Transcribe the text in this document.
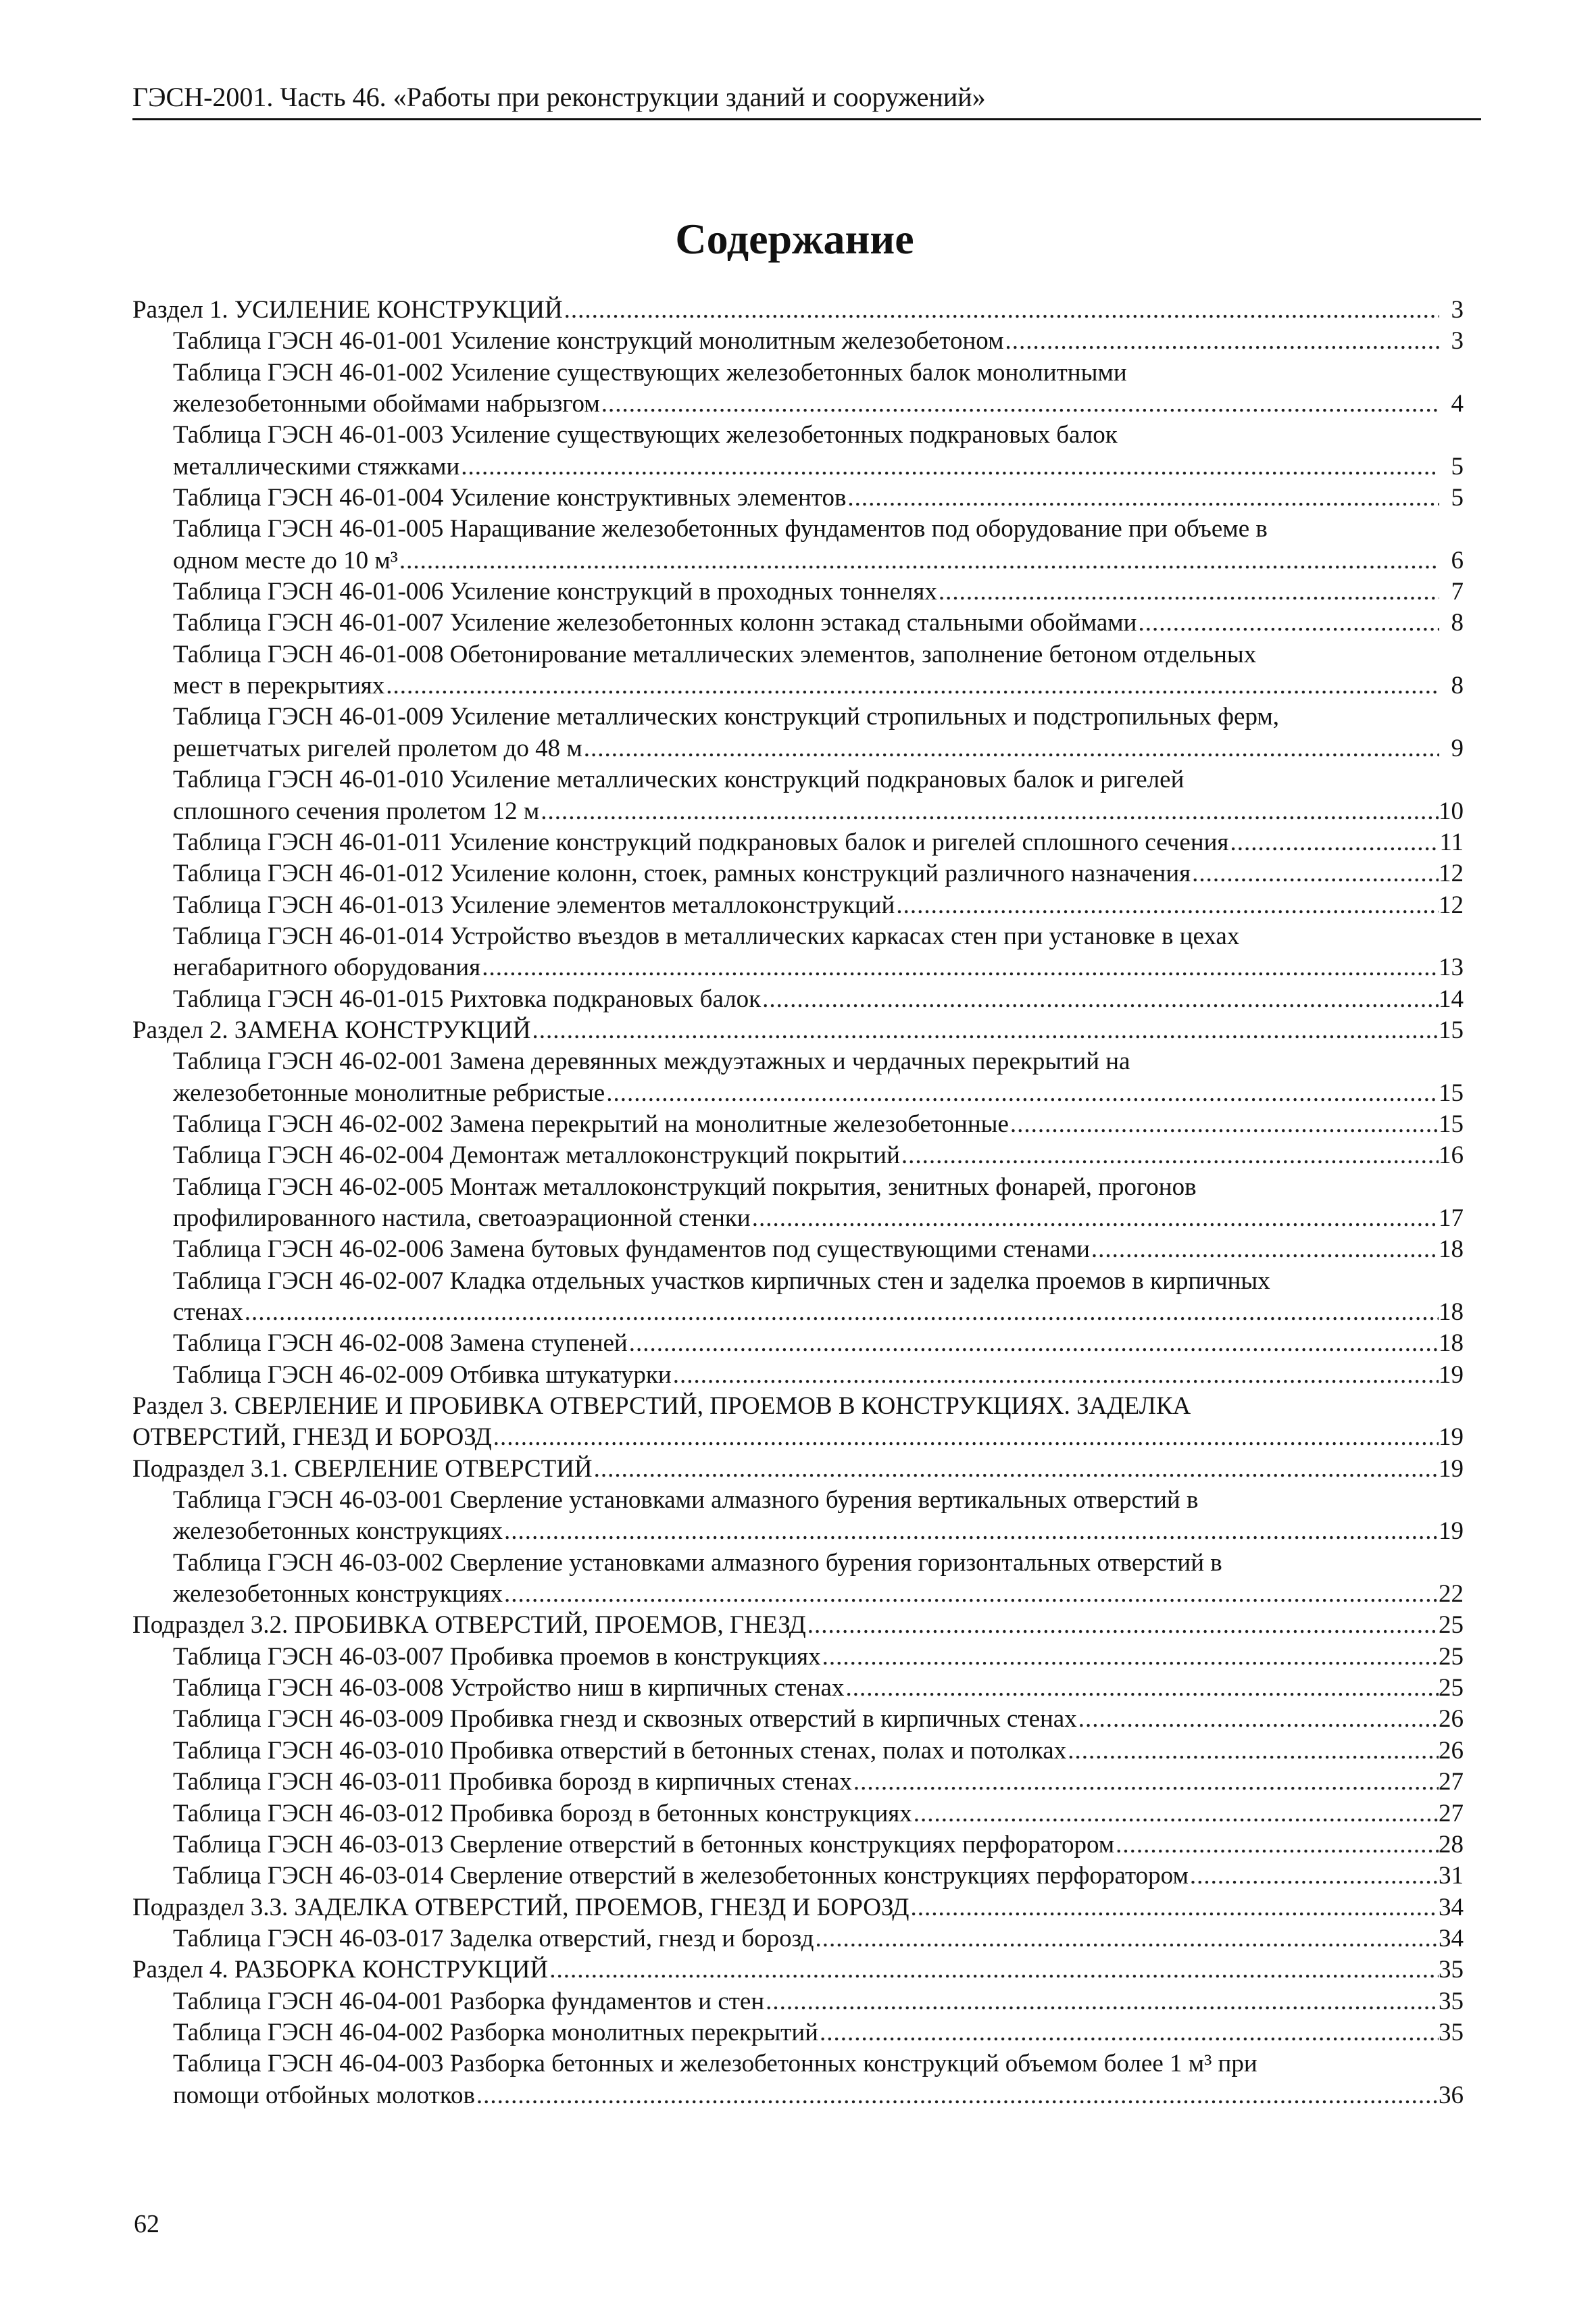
ГЭСН-2001. Часть 46. «Работы при реконструкции зданий и сооружений»
Содержание
Раздел 1. УСИЛЕНИЕ КОНСТРУКЦИЙ .....	3
Таблица ГЭСН 46-01-001 Усиление конструкций монолитным железобетоном .....	3
Таблица ГЭСН 46-01-002 Усиление существующих железобетонных балок монолитными
железобетонными обоймами набрызгом .....	4
Таблица ГЭСН 46-01-003 Усиление существующих железобетонных подкрановых балок
металлическими стяжками .....	5
Таблица ГЭСН 46-01-004 Усиление конструктивных элементов .....	5
Таблица ГЭСН 46-01-005 Наращивание железобетонных фундаментов под оборудование при объеме в
одном месте до 10 м³ .....	6
Таблица ГЭСН 46-01-006 Усиление конструкций в проходных тоннелях .....	7
Таблица ГЭСН 46-01-007 Усиление железобетонных колонн эстакад стальными обоймами .....	8
Таблица ГЭСН 46-01-008 Обетонирование металлических элементов, заполнение бетоном отдельных
мест в перекрытиях .....	8
Таблица ГЭСН 46-01-009 Усиление металлических конструкций стропильных и подстропильных ферм,
решетчатых ригелей пролетом до 48 м .....	9
Таблица ГЭСН 46-01-010 Усиление металлических конструкций подкрановых балок и ригелей
сплошного сечения пролетом 12 м .....	10
Таблица ГЭСН 46-01-011 Усиление конструкций подкрановых балок и ригелей сплошного сечения .....	11
Таблица ГЭСН 46-01-012 Усиление колонн, стоек, рамных конструкций различного назначения .....	12
Таблица ГЭСН 46-01-013 Усиление элементов металлоконструкций .....	12
Таблица ГЭСН 46-01-014 Устройство въездов в металлических каркасах стен при установке в цехах
негабаритного оборудования .....	13
Таблица ГЭСН 46-01-015 Рихтовка подкрановых балок .....	14
Раздел 2. ЗАМЕНА КОНСТРУКЦИЙ .....	15
Таблица ГЭСН 46-02-001 Замена деревянных междуэтажных и чердачных перекрытий на
железобетонные монолитные ребристые .....	15
Таблица ГЭСН 46-02-002 Замена перекрытий на монолитные железобетонные .....	15
Таблица ГЭСН 46-02-004 Демонтаж металлоконструкций покрытий .....	16
Таблица ГЭСН 46-02-005 Монтаж металлоконструкций покрытия, зенитных фонарей, прогонов
профилированного настила, светоаэрационной стенки .....	17
Таблица ГЭСН 46-02-006 Замена бутовых фундаментов под существующими стенами .....	18
Таблица ГЭСН 46-02-007 Кладка отдельных участков кирпичных стен и заделка проемов в кирпичных
стенах .....	18
Таблица ГЭСН 46-02-008 Замена ступеней .....	18
Таблица ГЭСН 46-02-009 Отбивка штукатурки .....	19
Раздел 3. СВЕРЛЕНИЕ И ПРОБИВКА ОТВЕРСТИЙ, ПРОЕМОВ В КОНСТРУКЦИЯХ. ЗАДЕЛКА
ОТВЕРСТИЙ, ГНЕЗД И БОРОЗД .....	19
Подраздел 3.1. СВЕРЛЕНИЕ ОТВЕРСТИЙ .....	19
Таблица ГЭСН 46-03-001 Сверление установками алмазного бурения вертикальных отверстий в
железобетонных конструкциях .....	19
Таблица ГЭСН 46-03-002 Сверление установками алмазного бурения горизонтальных отверстий в
железобетонных конструкциях .....	22
Подраздел 3.2. ПРОБИВКА ОТВЕРСТИЙ, ПРОЕМОВ, ГНЕЗД .....	25
Таблица ГЭСН 46-03-007 Пробивка проемов в конструкциях .....	25
Таблица ГЭСН 46-03-008 Устройство ниш в кирпичных стенах .....	25
Таблица ГЭСН 46-03-009 Пробивка гнезд и сквозных отверстий в кирпичных стенах .....	26
Таблица ГЭСН 46-03-010 Пробивка отверстий в бетонных стенах, полах и потолках .....	26
Таблица ГЭСН 46-03-011 Пробивка борозд в кирпичных стенах .....	27
Таблица ГЭСН 46-03-012 Пробивка борозд в бетонных конструкциях .....	27
Таблица ГЭСН 46-03-013 Сверление отверстий в бетонных конструкциях перфоратором .....	28
Таблица ГЭСН 46-03-014 Сверление отверстий в железобетонных конструкциях перфоратором .....	31
Подраздел 3.3. ЗАДЕЛКА ОТВЕРСТИЙ, ПРОЕМОВ, ГНЕЗД И БОРОЗД .....	34
Таблица ГЭСН 46-03-017 Заделка отверстий, гнезд и борозд .....	34
Раздел 4. РАЗБОРКА КОНСТРУКЦИЙ .....	35
Таблица ГЭСН 46-04-001 Разборка фундаментов и стен .....	35
Таблица ГЭСН 46-04-002 Разборка монолитных перекрытий .....	35
Таблица ГЭСН 46-04-003 Разборка бетонных и железобетонных конструкций объемом более 1 м³ при
помощи отбойных молотков .....	36
62
